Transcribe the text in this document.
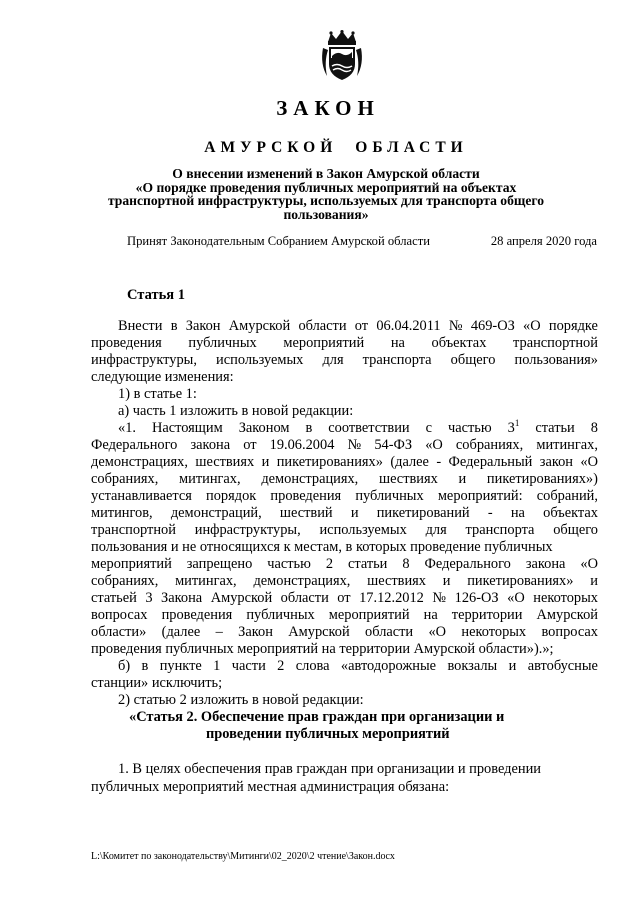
ЗАКОН
АМУРСКОЙ ОБЛАСТИ
О внесении изменений в Закон Амурской области
«О порядке проведения публичных мероприятий на объектах
транспортной инфраструктуры, используемых для транспорта общего
пользования»
Принят Законодательным Собранием Амурской области	28 апреля 2020 года
Статья 1
Внести в Закон Амурской области от 06.04.2011 № 469-ОЗ «О порядке
проведения публичных мероприятий на объектах транспортной
инфраструктуры, используемых для транспорта общего пользования»
следующие изменения:
1) в статье 1:
а) часть 1 изложить в новой редакции:
«1. Настоящим Законом в соответствии с частью $3^1$ статьи 8
Федерального закона от 19.06.2004 № 54-ФЗ «О собраниях, митингах,
демонстрациях, шествиях и пикетированиях» (далее - Федеральный закон «О
собраниях, митингах, демонстрациях, шествиях и пикетированиях»)
устанавливается порядок проведения публичных мероприятий: собраний,
митингов, демонстраций, шествий и пикетирований - на объектах
транспортной инфраструктуры, используемых для транспорта общего
пользования и не относящихся к местам, в которых проведение публичных
мероприятий запрещено частью 2 статьи 8 Федерального закона «О
собраниях, митингах, демонстрациях, шествиях и пикетированиях» и
статьей 3 Закона Амурской области от 17.12.2012 № 126-ОЗ «О некоторых
вопросах проведения публичных мероприятий на территории Амурской
области» (далее – Закон Амурской области «О некоторых вопросах
проведения публичных мероприятий на территории Амурской области»).»;
б) в пункте 1 части 2 слова «автодорожные вокзалы и автобусные
станции» исключить;
2) статью 2 изложить в новой редакции:
«Статья 2. Обеспечение прав граждан при организации и
проведении публичных мероприятий
1. В целях обеспечения прав граждан при организации и проведении
публичных мероприятий местная администрация обязана:
L:\Комитет по законодательству\Митинги\02_2020\2 чтение\Закон.docx
